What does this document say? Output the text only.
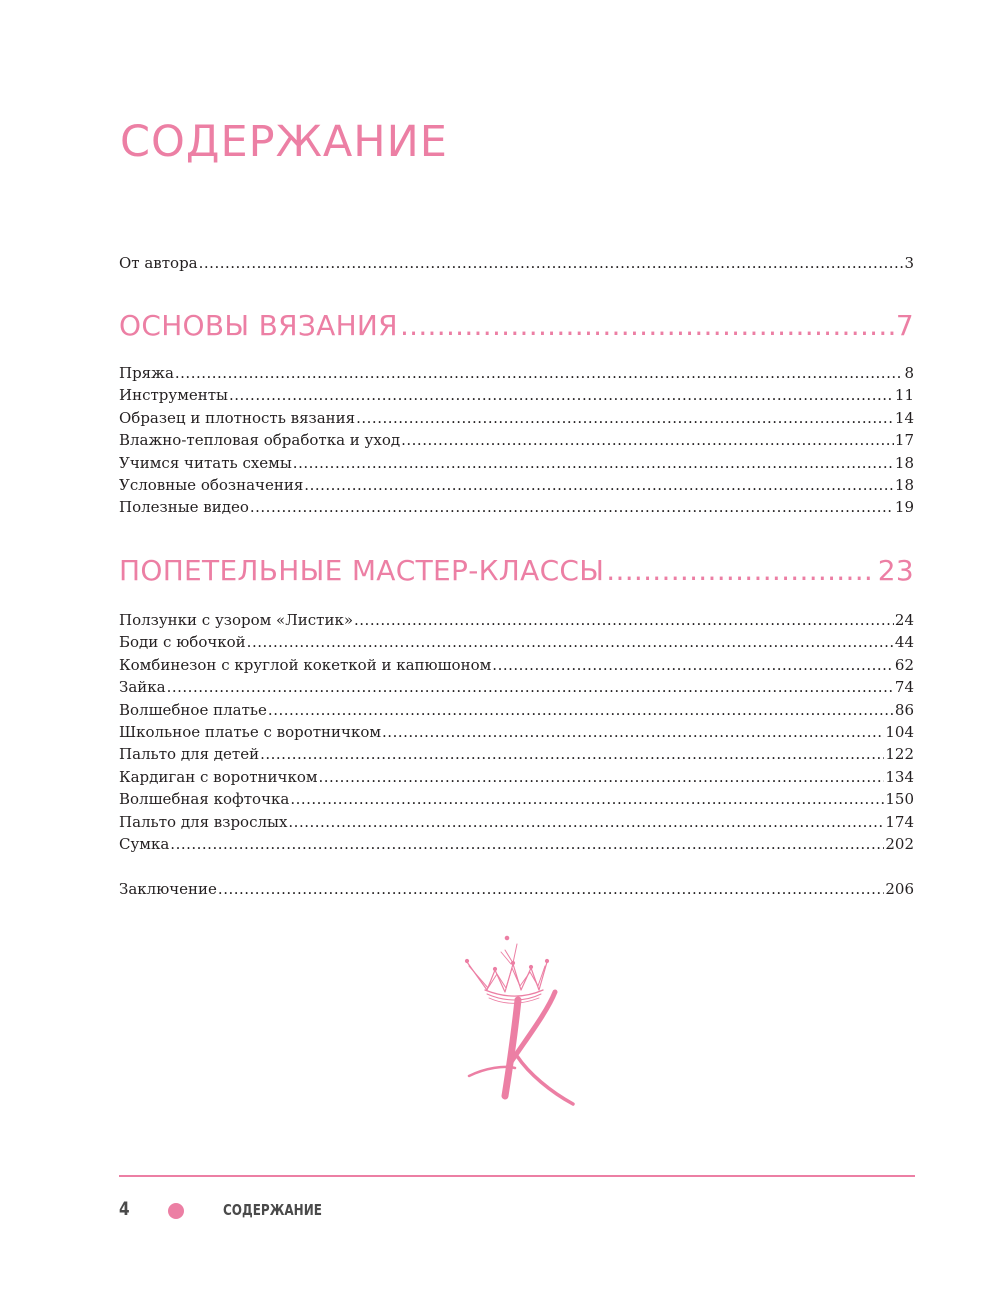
СОДЕРЖАНИЕ
От автора .....	3
ОСНОВЫ ВЯЗАНИЯ .....	7
Пряжа .....	8
Инструменты .....	11
Образец и плотность вязания .....	14
Влажно-тепловая обработка и уход .....	17
Учимся читать схемы .....	18
Условные обозначения .....	18
Полезные видео .....	19
ПОПЕТЕЛЬНЫЕ МАСТЕР-КЛАССЫ .....	23
Ползунки с узором «Листик» .....	24
Боди с юбочкой .....	44
Комбинезон с круглой кокеткой и капюшоном .....	62
Зайка .....	74
Волшебное платье .....	86
Школьное платье с воротничком .....	104
Пальто для детей .....	122
Кардиган с воротничком .....	134
Волшебная кофточка .....	150
Пальто для взрослых .....	174
Сумка .....	202
Заключение .....	206
4	СОДЕРЖАНИЕ
